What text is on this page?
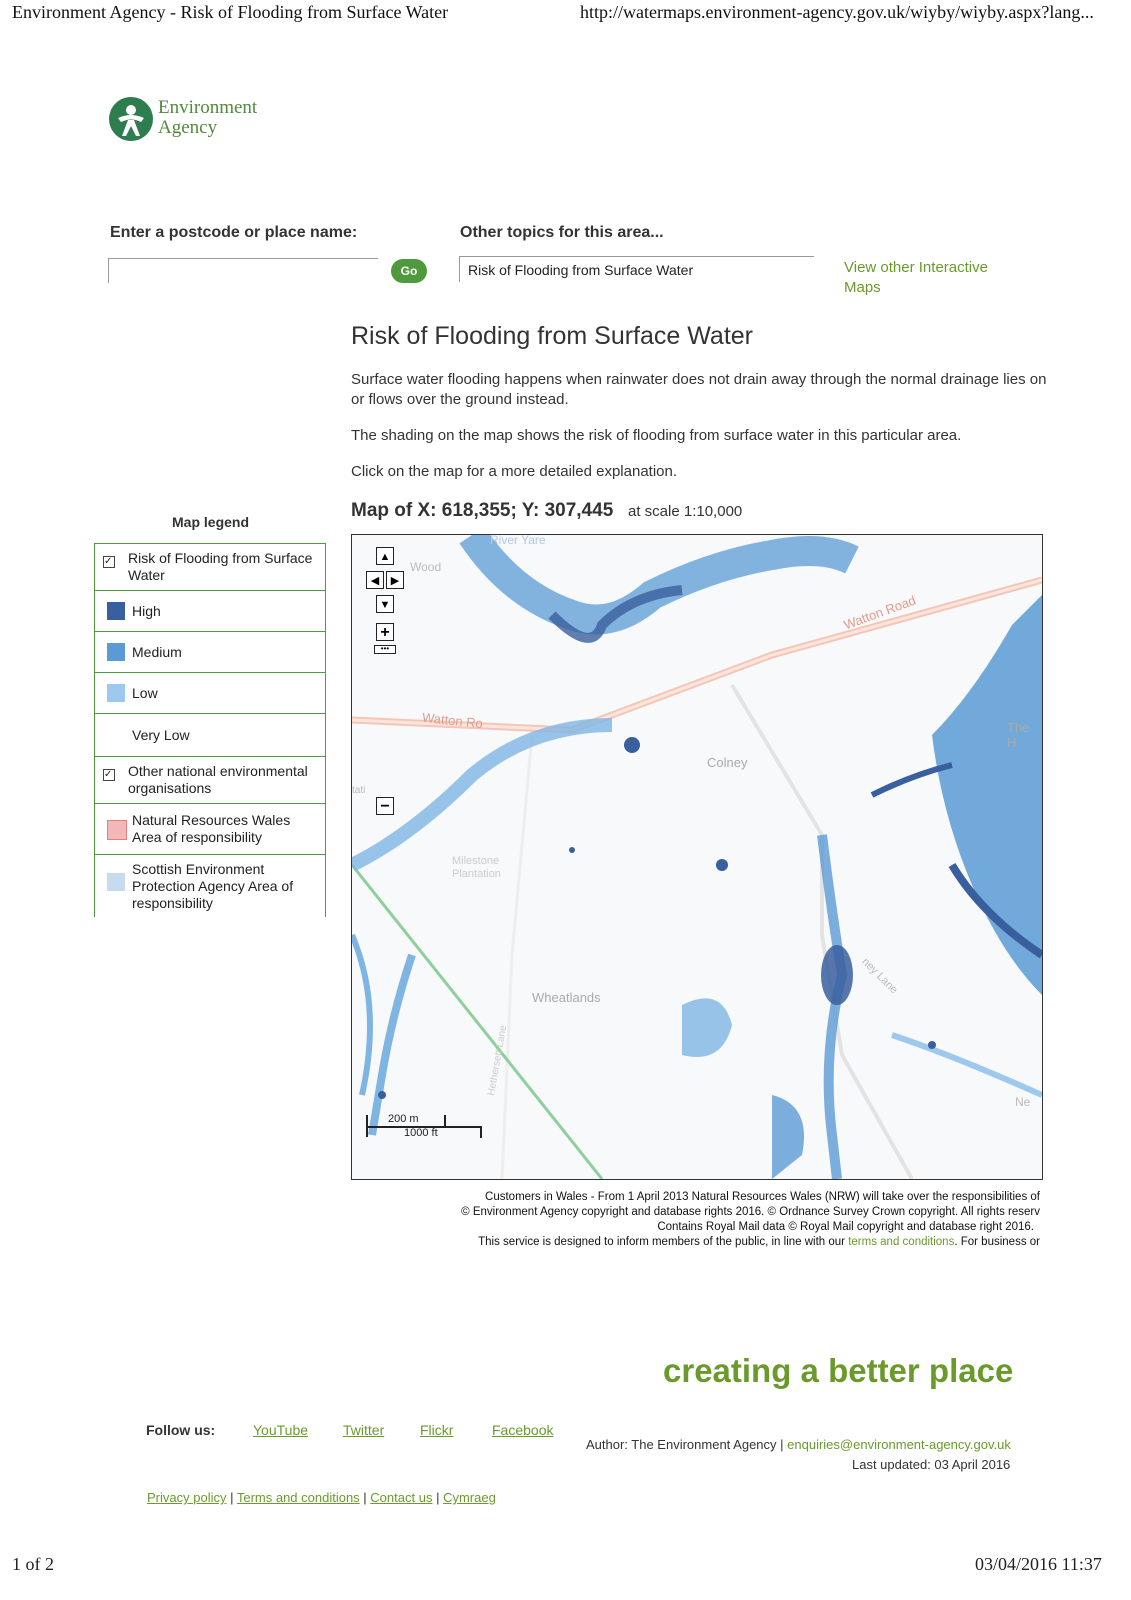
Environment Agency - Risk of Flooding from Surface Water	http://watermaps.environment-agency.gov.uk/wiyby/wiyby.aspx?lang...
Environment
Agency
Enter a postcode or place name:
Go
Other topics for this area...
Risk of Flooding from Surface Water	View other Interactive Maps
Risk of Flooding from Surface Water
Surface water flooding happens when rainwater does not drain away through the normal drainage lies on or flows over the ground instead.
The shading on the map shows the risk of flooding from surface water in this particular area.
Click on the map for a more detailed explanation.
Map of X: 618,355; Y: 307,445 at scale 1:10,000
Map legend
✓ Risk of Flooding from Surface Water
High
Medium
Low
Very Low
✓ Other national environmental organisations
Natural Resources Wales Area of responsibility
Scottish Environment Protection Agency Area of responsibility
River Yare
Wood
Watton Road
Watton Ro
Colney
The H
Milestone Plantation
Wheatlands
Hethersett Lane
ney Lane
Ne
tati
▲
◀	▶
▼
+
•••
−
200 m
1000 ft
Customers in Wales - From 1 April 2013 Natural Resources Wales (NRW) will take over the responsibilities of
© Environment Agency copyright and database rights 2016. © Ordnance Survey Crown copyright. All rights reserv
Contains Royal Mail data © Royal Mail copyright and database right 2016.
This service is designed to inform members of the public, in line with our terms and conditions. For business or
creating a better place
Follow us:	YouTube Twitter	Flickr	Facebook
Author: The Environment Agency | enquiries@environment-agency.gov.uk
Last updated: 03 April 2016
Privacy policy | Terms and conditions | Contact us | Cymraeg
1 of 2	03/04/2016 11:37
